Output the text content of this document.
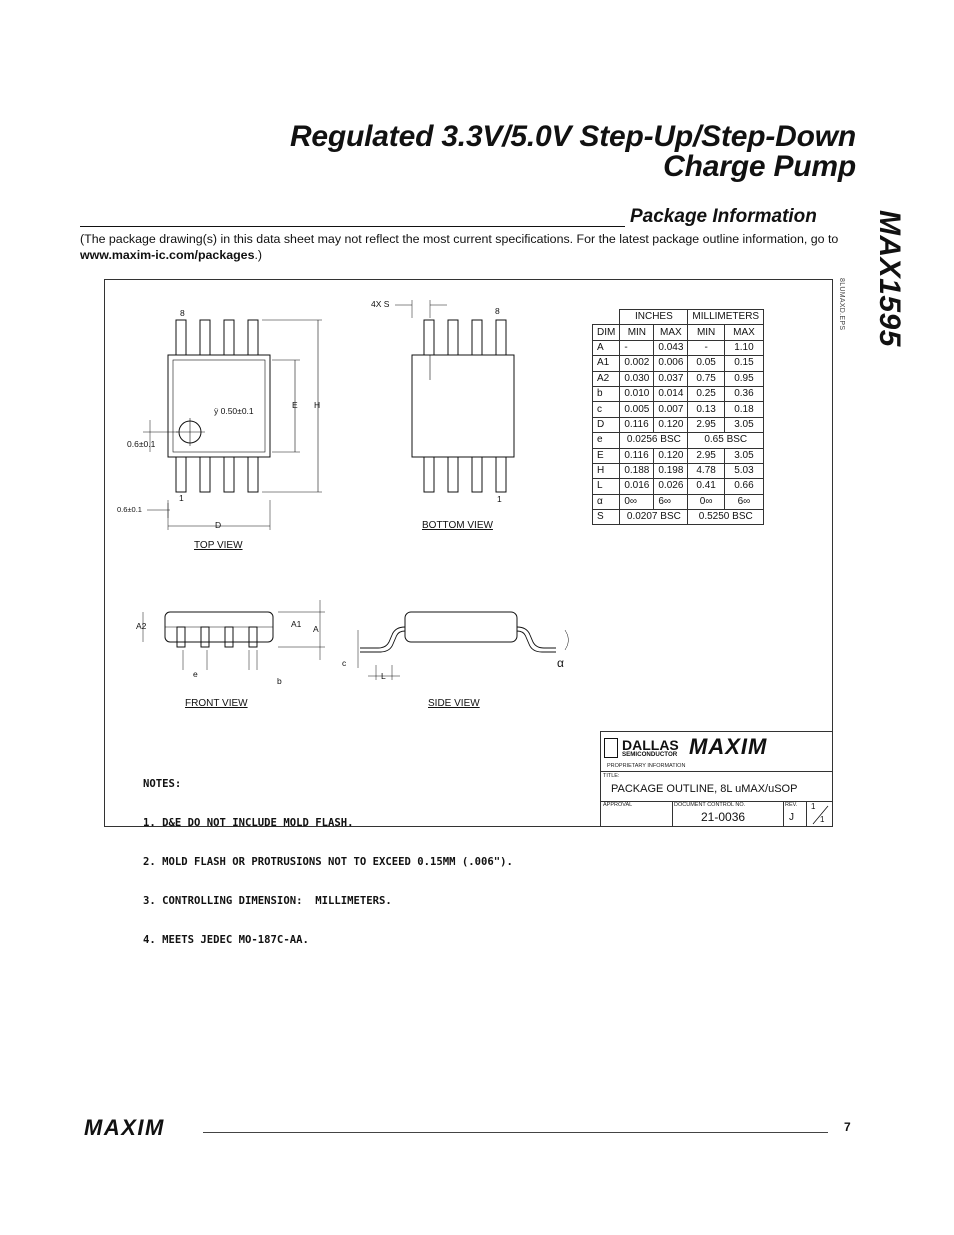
Regulated 3.3V/5.0V Step-Up/Step-Down
Charge Pump
MAX1595
Package Information
(The package drawing(s) in this data sheet may not reflect the most current specifications. For the latest package outline information, go to www.maxim-ic.com/packages.)
8LUMAXD.EPS
8
1
8
1
ÿ 0.50±0.1
0.6±0.1
0.6±0.1
E H
D
4X S
A2	A1 A
e
b
c
L
α
TOP VIEW
BOTTOM VIEW
FRONT VIEW	SIDE VIEW
	INCHES		MILLIMETERS	
DIM	MIN	MAX	MIN	MAX
A	-	0.043	-	1.10
A1	0.002	0.006	0.05	0.15
A2	0.030	0.037	0.75	0.95
b	0.010	0.014	0.25	0.36
c	0.005	0.007	0.13	0.18
D	0.116	0.120	2.95	3.05
e	0.0256 BSC		0.65 BSC	
E	0.116	0.120	2.95	3.05
H	0.188	0.198	4.78	5.03
L	0.016	0.026	0.41	0.66
α	0∞	6∞	0∞	6∞
S	0.0207 BSC		0.5250 BSC	

NOTES:

1. D&E DO NOT INCLUDE MOLD FLASH.

2. MOLD FLASH OR PROTRUSIONS NOT TO EXCEED 0.15MM (.006").

3. CONTROLLING DIMENSION:  MILLIMETERS.

4. MEETS JEDEC MO-187C-AA.

DALLAS
SEMICONDUCTOR MAXIM
PROPRIETARY INFORMATION
TITLE:
PACKAGE OUTLINE, 8L uMAX/uSOP
APPROVAL	DOCUMENT CONTROL NO.
21-0036
REV.
J
1
1
MAXIM	7
